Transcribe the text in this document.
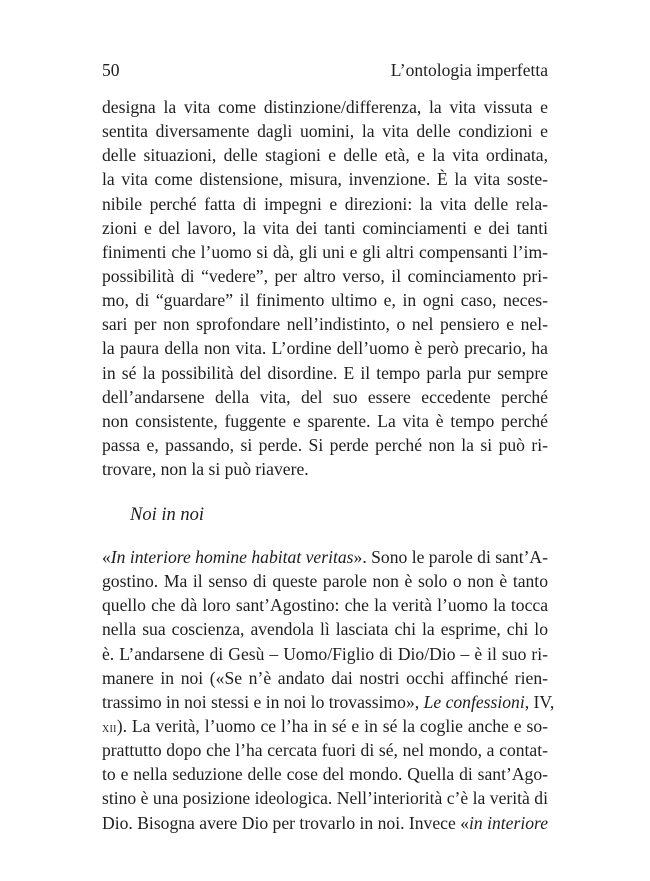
50	L’ontologia imperfetta
designa la vita come distinzione/differenza, la vita vissuta e
sentita diversamente dagli uomini, la vita delle condizioni e
delle situazioni, delle stagioni e delle età, e la vita ordinata,
la vita come distensione, misura, invenzione. È la vita soste-
nibile perché fatta di impegni e direzioni: la vita delle rela-
zioni e del lavoro, la vita dei tanti cominciamenti e dei tanti
finimenti che l’uomo si dà, gli uni e gli altri compensanti l’im-
possibilità di “vedere”, per altro verso, il cominciamento pri-
mo, di “guardare” il finimento ultimo e, in ogni caso, neces-
sari per non sprofondare nell’indistinto, o nel pensiero e nel-
la paura della non vita. L’ordine dell’uomo è però precario, ha
in sé la possibilità del disordine. E il tempo parla pur sempre
dell’andarsene della vita, del suo essere eccedente perché
non consistente, fuggente e sparente. La vita è tempo perché
passa e, passando, si perde. Si perde perché non la si può ri-
trovare, non la si può riavere.
Noi in noi
«In interiore homine habitat veritas». Sono le parole di sant’A-
gostino. Ma il senso di queste parole non è solo o non è tanto
quello che dà loro sant’Agostino: che la verità l’uomo la tocca
nella sua coscienza, avendola lì lasciata chi la esprime, chi lo
è. L’andarsene di Gesù – Uomo/Figlio di Dio/Dio – è il suo ri-
manere in noi («Se n’è andato dai nostri occhi affinché rien-
trassimo in noi stessi e in noi lo trovassimo», Le confessioni, IV,
xii). La verità, l’uomo ce l’ha in sé e in sé la coglie anche e so-
prattutto dopo che l’ha cercata fuori di sé, nel mondo, a contat-
to e nella seduzione delle cose del mondo. Quella di sant’Ago-
stino è una posizione ideologica. Nell’interiorità c’è la verità di
Dio. Bisogna avere Dio per trovarlo in noi. Invece «in interiore
